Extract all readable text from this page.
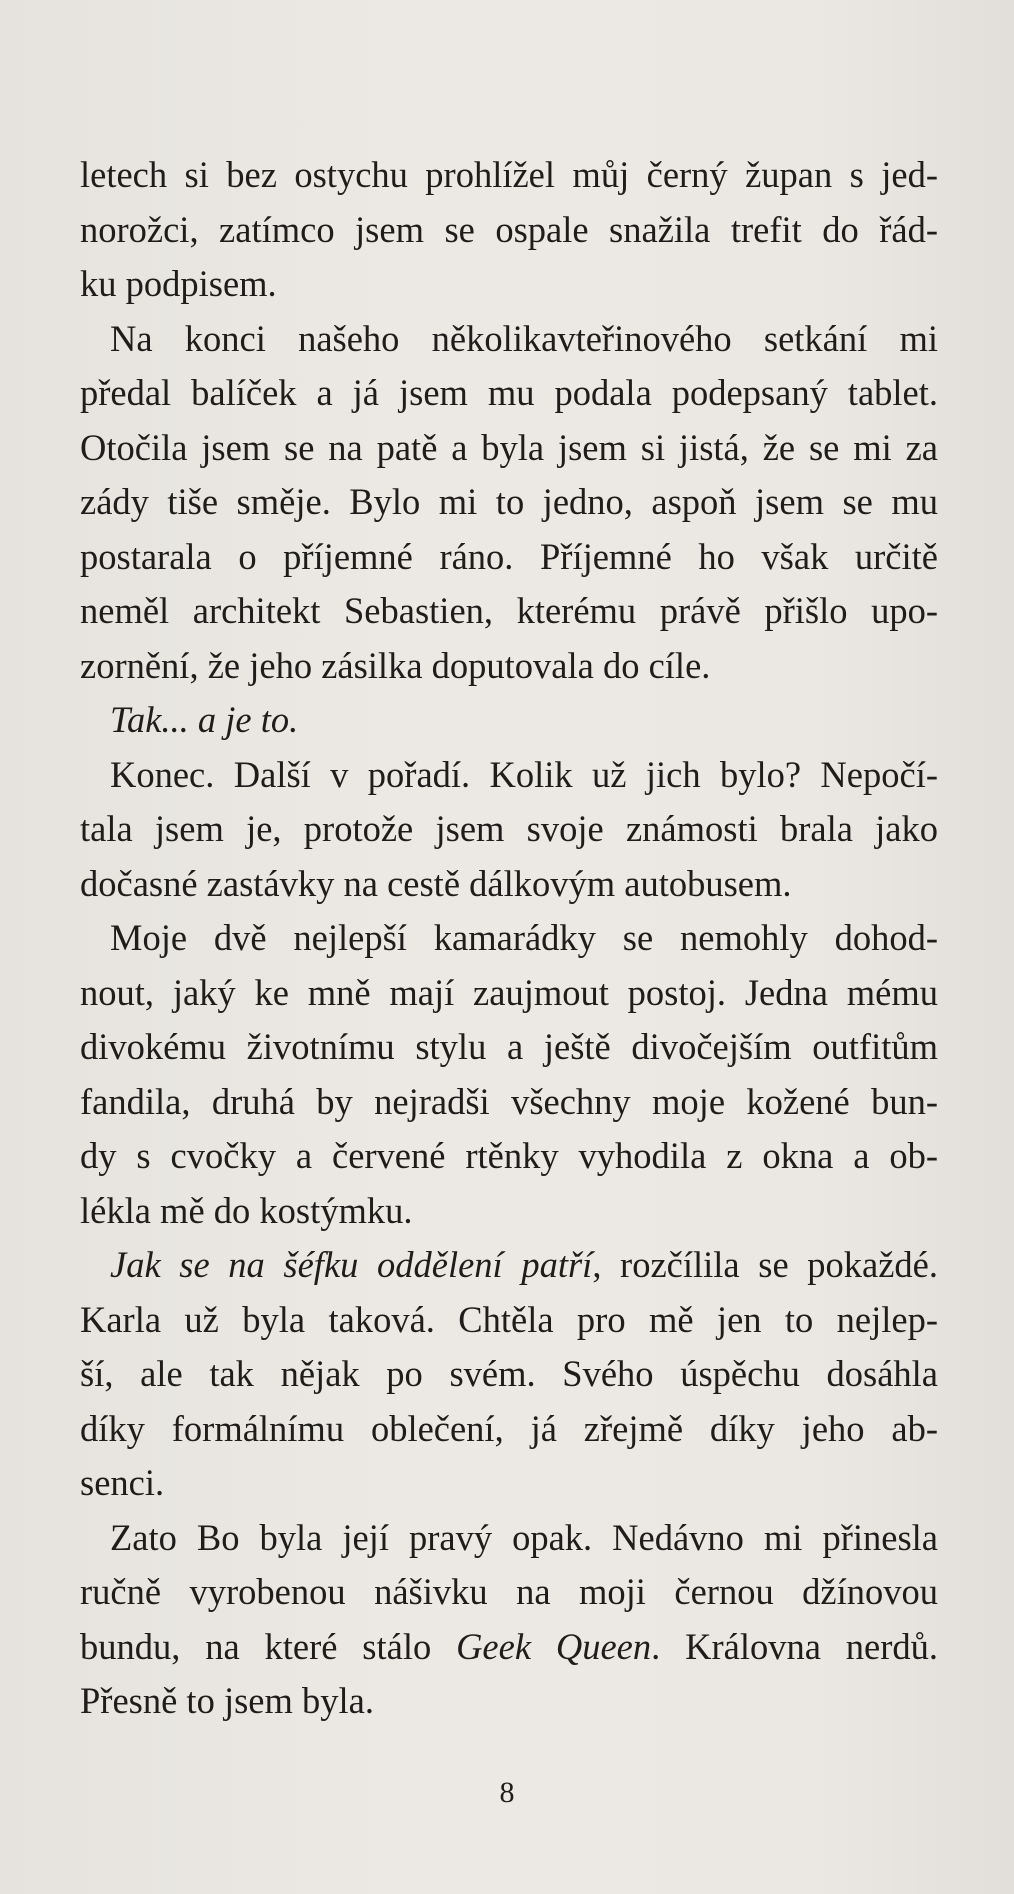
letech si bez ostychu prohlížel můj černý župan s jed-
norožci, zatímco jsem se ospale snažila trefit do řád-
ku podpisem.
Na konci našeho několikavteřinového setkání mi
předal balíček a já jsem mu podala podepsaný tablet.
Otočila jsem se na patě a byla jsem si jistá, že se mi za
zády tiše směje. Bylo mi to jedno, aspoň jsem se mu
postarala o příjemné ráno. Příjemné ho však určitě
neměl architekt Sebastien, kterému právě přišlo upo-
zornění, že jeho zásilka doputovala do cíle.
Tak... a je to.
Konec. Další v pořadí. Kolik už jich bylo? Nepočí-
tala jsem je, protože jsem svoje známosti brala jako
dočasné zastávky na cestě dálkovým autobusem.
Moje dvě nejlepší kamarádky se nemohly dohod-
nout, jaký ke mně mají zaujmout postoj. Jedna mému
divokému životnímu stylu a ještě divočejším outfitům
fandila, druhá by nejradši všechny moje kožené bun-
dy s cvočky a červené rtěnky vyhodila z okna a ob-
lékla mě do kostýmku.
Jak se na šéfku oddělení patří, rozčílila se pokaždé.
Karla už byla taková. Chtěla pro mě jen to nejlep-
ší, ale tak nějak po svém. Svého úspěchu dosáhla
díky formálnímu oblečení, já zřejmě díky jeho ab-
senci.
Zato Bo byla její pravý opak. Nedávno mi přinesla
ručně vyrobenou nášivku na moji černou džínovou
bundu, na které stálo Geek Queen. Královna nerdů.
Přesně to jsem byla.
8
